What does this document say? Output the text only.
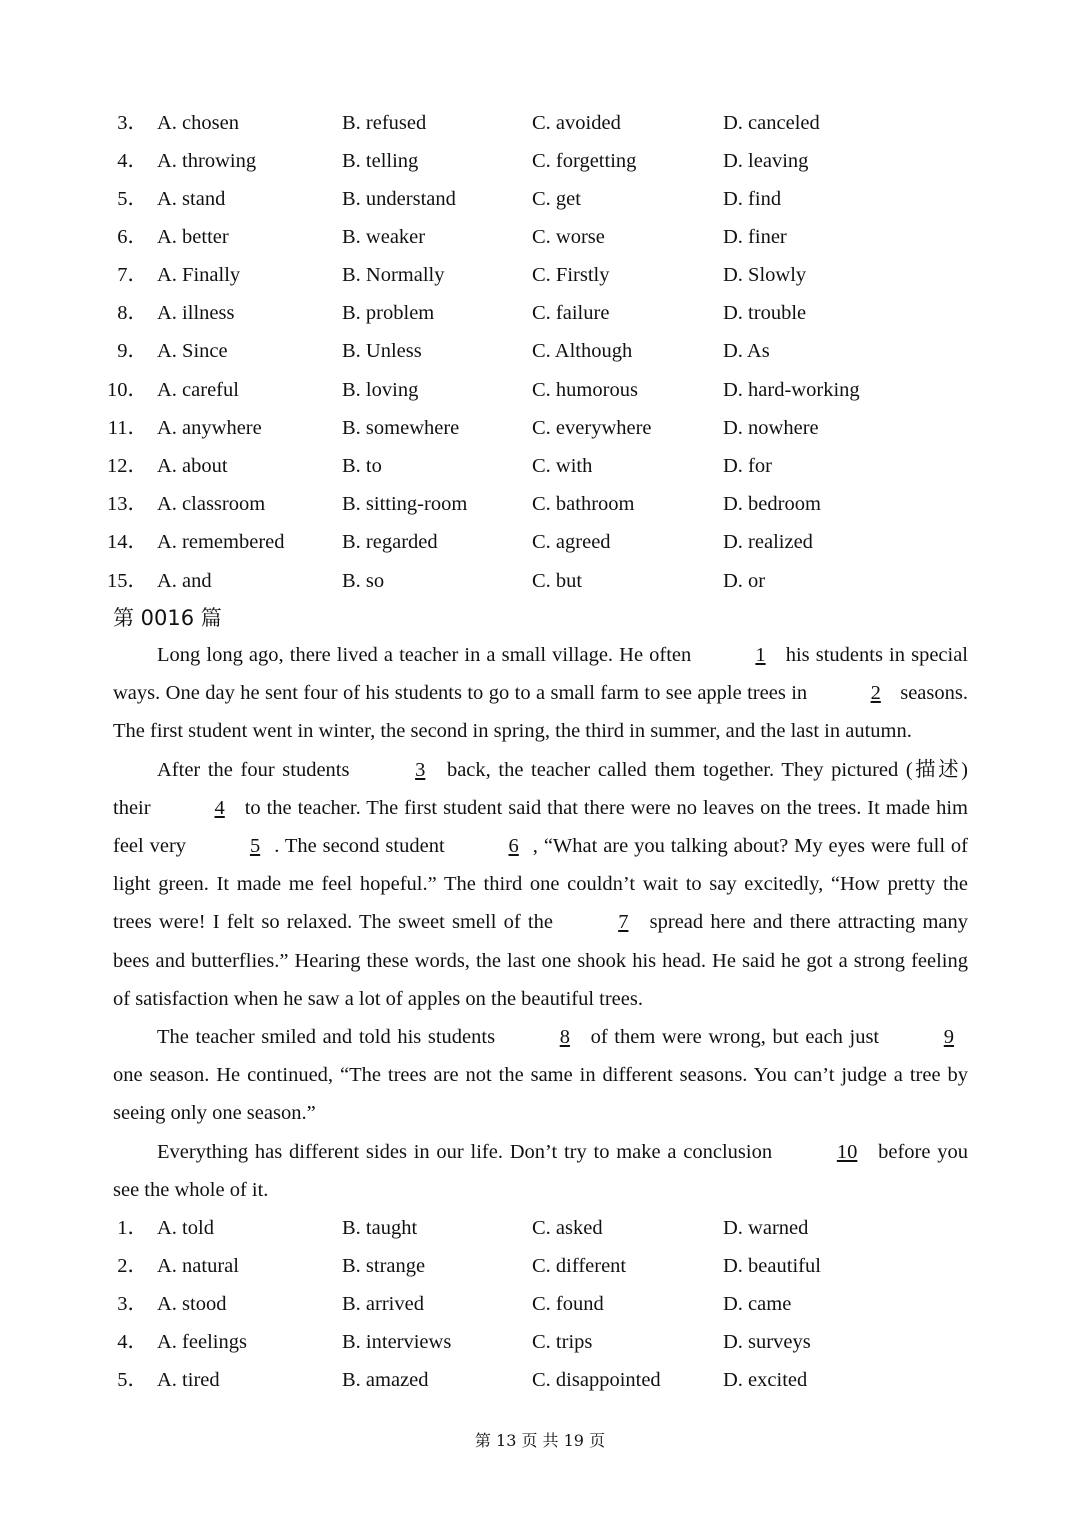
3． A. chosen	B. refused	C. avoided	D. canceled
4． A. throwing	B. telling	C. forgetting	D. leaving
5． A. stand	B. understand	C. get	D. find
6． A. better	B. weaker	C. worse	D. finer
7． A. Finally	B. Normally	C. Firstly	D. Slowly
8． A. illness	B. problem	C. failure	D. trouble
9． A. Since	B. Unless	C. Although	D. As
10． A. careful	B. loving	C. humorous	D. hard-working
11． A. anywhere	B. somewhere	C. everywhere	D. nowhere
12． A. about	B. to	C. with	D. for
13． A. classroom	B. sitting-room	C. bathroom	D. bedroom
14． A. remembered	B. regarded	C. agreed	D. realized
15． A. and	B. so	C. but	D. or
第 0016 篇

Long long ago, there lived a teacher in a small village. He often	1 his students in special ways. One day he sent four of his students to go to a small farm to see apple trees in	2 seasons. The first student went in winter, the second in spring, the third in summer, and the last in autumn.

After the four students	3 back, the teacher called them together. They pictured (描述) their	4 to the teacher. The first student said that there were no leaves on the trees. It made him feel very	5 . The second student	6 , “What are you talking about? My eyes were full of light green. It made me feel hopeful.” The third one couldn’t wait to say excitedly, “How pretty the trees were! I felt so relaxed. The sweet smell of the	7 spread here and there attracting many bees and butterflies.” Hearing these words, the last one shook his head. He said he got a strong feeling of satisfaction when he saw a lot of apples on the beautiful trees.

The teacher smiled and told his students	8 of them were wrong, but each just	9 one season. He continued, “The trees are not the same in different seasons. You can’t judge a tree by seeing only one season.”

Everything has different sides in our life. Don’t try to make a conclusion	10 before you see the whole of it.

1． A. told	B. taught	C. asked	D. warned
2． A. natural	B. strange	C. different	D. beautiful
3． A. stood	B. arrived	C. found	D. came
4． A. feelings	B. interviews	C. trips	D. surveys
5． A. tired	B. amazed	C. disappointed	D. excited
第 13 页 共 19 页
